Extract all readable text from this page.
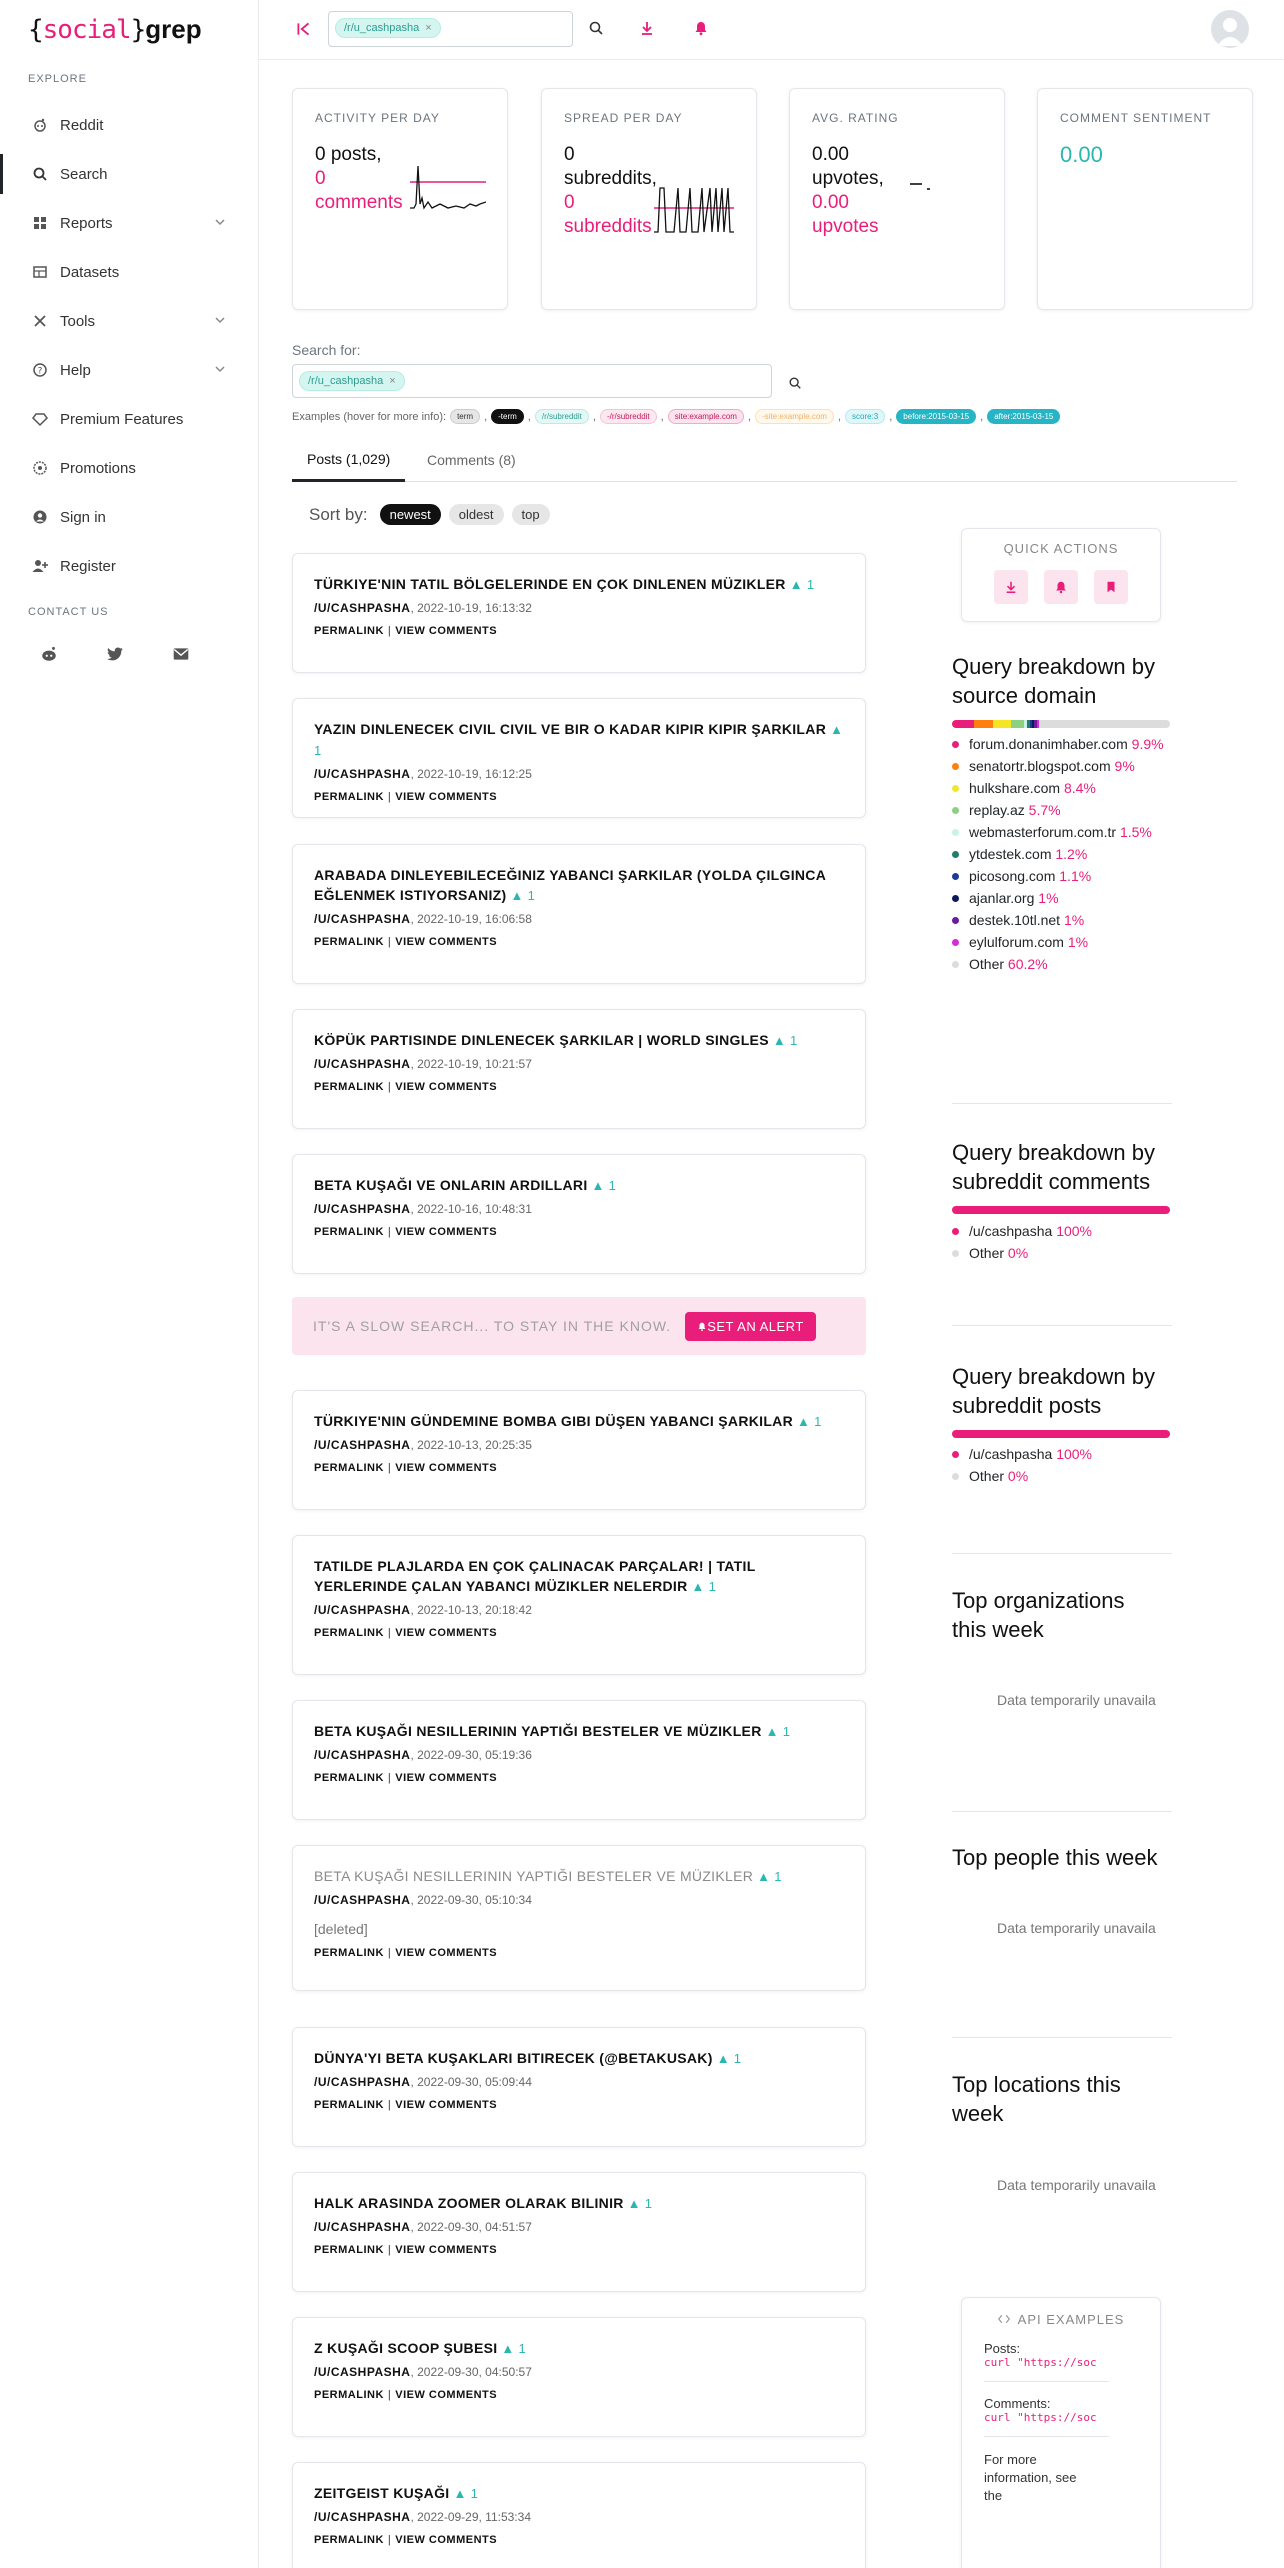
{social}grep
EXPLORE
Reddit
Search
Reports
Datasets
Tools
? Help
Premium Features
Promotions
Sign in
Register
CONTACT US
/r/u_cashpasha ×
ACTIVITY PER DAY
0 posts,
0 comments
SPREAD PER DAY
0 subreddits,
0 subreddits
AVG. RATING
0.00 upvotes,
0.00 upvotes
COMMENT SENTIMENT
0.00
Search for:
/r/u_cashpasha ×
Examples (hover for more info):	term	,	-term	,	/r/subreddit	,	-/r/subreddit	,	site:example.com	,	-site:example.com	,	score:3	,	before:2015-03-15	,	after:2015-03-15
Posts
(1,029)	Comments
(8)
Sort by:	newest	oldest	top
TÜRKIYE'NIN TATIL BÖLGELERINDE EN ÇOK DINLENEN MÜZIKLER ▲ 1
/U/CASHPASHA, 2022-10-19, 16:13:32
PERMALINK | VIEW COMMENTS
YAZIN DINLENECEK CIVIL CIVIL VE BIR O KADAR KIPIR KIPIR ŞARKILAR ▲ 1
/U/CASHPASHA, 2022-10-19, 16:12:25
PERMALINK | VIEW COMMENTS
ARABADA DINLEYEBILECEĞINIZ YABANCI ŞARKILAR (YOLDA ÇILGINCA EĞLENMEK ISTIYORSANIZ) ▲ 1
/U/CASHPASHA, 2022-10-19, 16:06:58
PERMALINK | VIEW COMMENTS
KÖPÜK PARTISINDE DINLENECEK ŞARKILAR | WORLD SINGLES ▲ 1
/U/CASHPASHA, 2022-10-19, 10:21:57
PERMALINK | VIEW COMMENTS
BETA KUŞAĞI VE ONLARIN ARDILLARI ▲ 1
/U/CASHPASHA, 2022-10-16, 10:48:31
PERMALINK | VIEW COMMENTS
TÜRKIYE'NIN GÜNDEMINE BOMBA GIBI DÜŞEN YABANCI ŞARKILAR ▲ 1
/U/CASHPASHA, 2022-10-13, 20:25:35
PERMALINK | VIEW COMMENTS
TATILDE PLAJLARDA EN ÇOK ÇALINACAK PARÇALAR! | TATIL YERLERINDE ÇALAN YABANCI MÜZIKLER NELERDIR ▲ 1
/U/CASHPASHA, 2022-10-13, 20:18:42
PERMALINK | VIEW COMMENTS
BETA KUŞAĞI NESILLERININ YAPTIĞI BESTELER VE MÜZIKLER ▲ 1
/U/CASHPASHA, 2022-09-30, 05:19:36
PERMALINK | VIEW COMMENTS
BETA KUŞAĞI NESILLERININ YAPTIĞI BESTELER VE MÜZIKLER ▲ 1
/U/CASHPASHA, 2022-09-30, 05:10:34
[deleted]
PERMALINK | VIEW COMMENTS
DÜNYA'YI BETA KUŞAKLARI BITIRECEK (@BETAKUSAK) ▲ 1
/U/CASHPASHA, 2022-09-30, 05:09:44
PERMALINK | VIEW COMMENTS
HALK ARASINDA ZOOMER OLARAK BILINIR ▲ 1
/U/CASHPASHA, 2022-09-30, 04:51:57
PERMALINK | VIEW COMMENTS
Z KUŞAĞI SCOOP ŞUBESI ▲ 1
/U/CASHPASHA, 2022-09-30, 04:50:57
PERMALINK | VIEW COMMENTS
ZEITGEIST KUŞAĞI ▲ 1
/U/CASHPASHA, 2022-09-29, 11:53:34
PERMALINK | VIEW COMMENTS
IT'S A SLOW SEARCH... TO STAY IN THE KNOW.	SET AN ALERT
QUICK ACTIONS
Query breakdown by source domain
forum.donanimhaber.com 9.9%
senatortr.blogspot.com 9%
hulkshare.com 8.4%
replay.az 5.7%
webmasterforum.com.tr 1.5%
ytdestek.com 1.2%
picosong.com 1.1%
ajanlar.org 1%
destek.10tl.net 1%
eylulforum.com 1%
Other 60.2%
Query breakdown by subreddit comments
/u/cashpasha 100%
Other 0%
Query breakdown by subreddit posts
/u/cashpasha 100%
Other 0%
Top organizations this week
Data temporarily unavaila
Top people this week
Data temporarily unavaila
Top locations this week
Data temporarily unavaila
API EXAMPLES
Posts:
curl "https://soc
Comments:
curl "https://soc
For more information, see the
